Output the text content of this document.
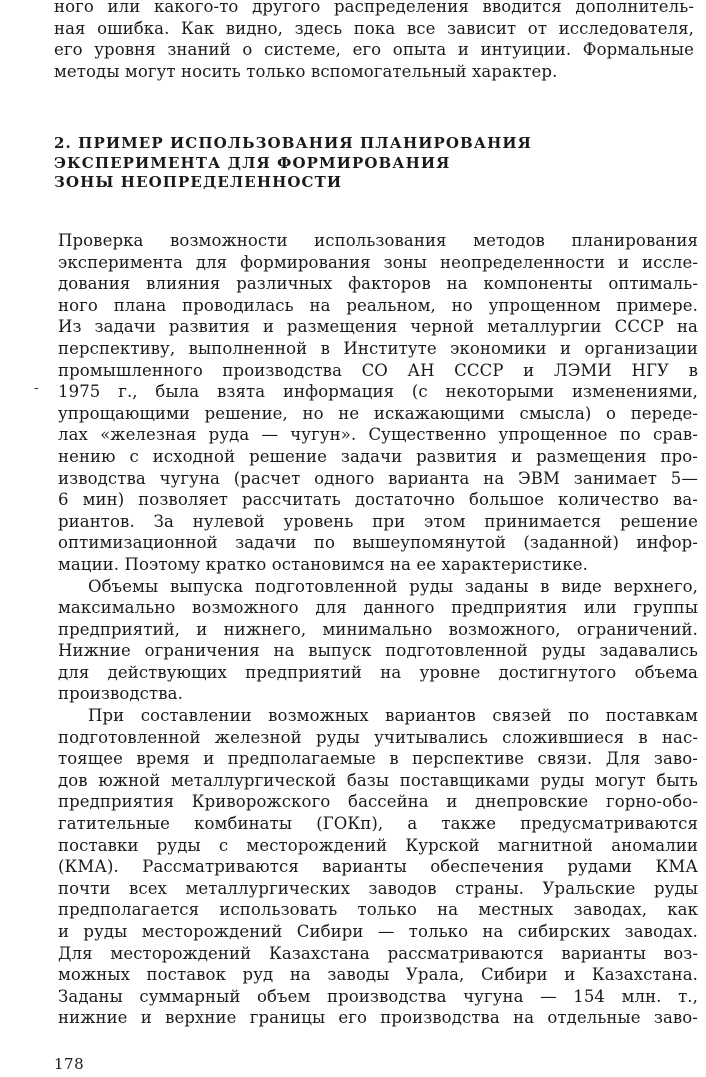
ного или какого-то другого распределения вводится дополнитель-
ная ошибка. Как видно, здесь пока все зависит от исследователя,
его уровня знаний о системе, его опыта и интуиции. Формальные
методы могут носить только вспомогательный характер.
2. ПРИМЕР ИСПОЛЬЗОВАНИЯ ПЛАНИРОВАНИЯ
ЭКСПЕРИМЕНТА ДЛЯ ФОРМИРОВАНИЯ
ЗОНЫ НЕОПРЕДЕЛЕННОСТИ
Проверка возможности использования методов планирования
эксперимента для формирования зоны неопределенности и иссле-
дования влияния различных факторов на компоненты оптималь-
ного плана проводилась на реальном, но упрощенном примере.
Из задачи развития и размещения черной металлургии СССР на
перспективу, выполненной в Институте экономики и организации
промышленного производства СО АН СССР и ЛЭМИ НГУ в
1975 г., была взята информация (с некоторыми изменениями,
упрощающими решение, но не искажающими смысла) о переде-
лах «железная руда — чугун». Существенно упрощенное по срав-
нению с исходной решение задачи развития и размещения про-
изводства чугуна (расчет одного варианта на ЭВМ занимает 5—
6 мин) позволяет рассчитать достаточно большое количество ва-
риантов. За нулевой уровень при этом принимается решение
оптимизационной задачи по вышеупомянутой (заданной) инфор-
мации. Поэтому кратко остановимся на ее характеристике.
Объемы выпуска подготовленной руды заданы в виде верхнего,
максимально возможного для данного предприятия или группы
предприятий, и нижнего, минимально возможного, ограничений.
Нижние ограничения на выпуск подготовленной руды задавались
для действующих предприятий на уровне достигнутого объема
производства.
При составлении возможных вариантов связей по поставкам
подготовленной железной руды учитывались сложившиеся в нас-
тоящее время и предполагаемые в перспективе связи. Для заво-
дов южной металлургической базы поставщиками руды могут быть
предприятия Криворожского бассейна и днепровские горно-обо-
гатительные комбинаты (ГОКп), а также предусматриваются
поставки руды с месторождений Курской магнитной аномалии
(КМА). Рассматриваются варианты обеспечения рудами КМА
почти всех металлургических заводов страны. Уральские руды
предполагается использовать только на местных заводах, как
и руды месторождений Сибири — только на сибирских заводах.
Для месторождений Казахстана рассматриваются варианты воз-
можных поставок руд на заводы Урала, Сибири и Казахстана.
Заданы суммарный объем производства чугуна — 154 млн. т.,
нижние и верхние границы его производства на отдельные заво-
178
-
